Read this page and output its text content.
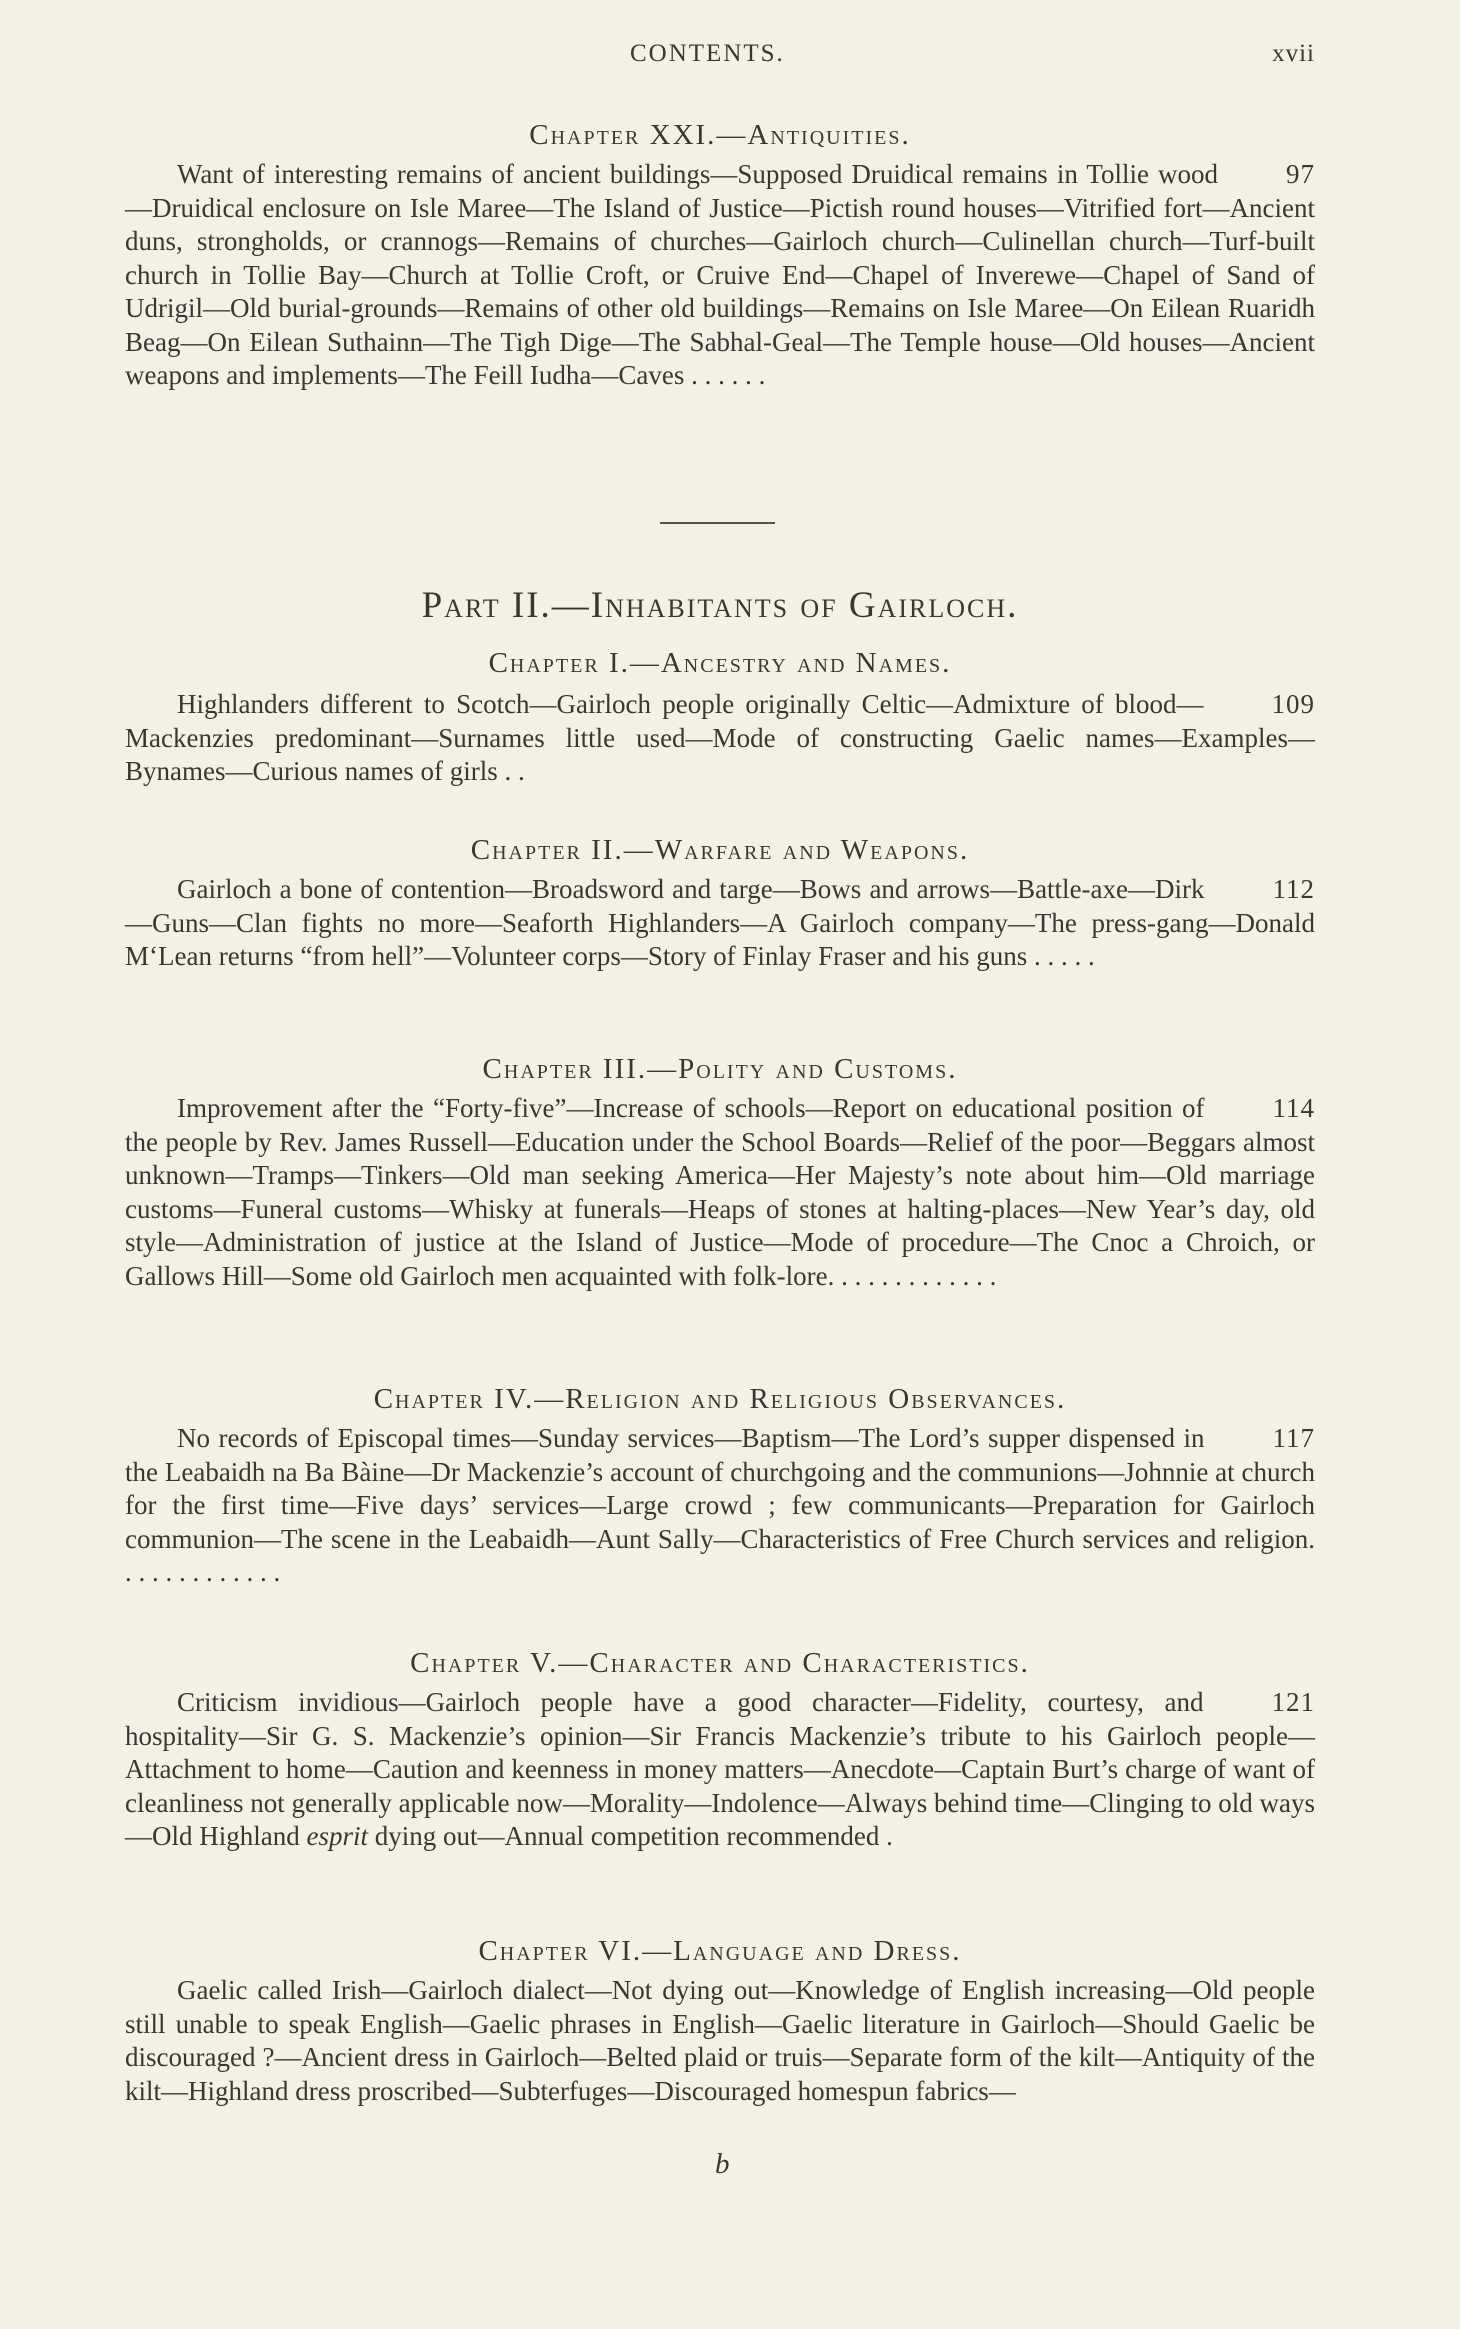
CONTENTS.	xvii

Chapter XXI.—Antiquities.

97
Want of interesting remains of ancient buildings—Supposed Druidical remains in Tollie wood—Druidical enclosure on Isle Maree—The Island of Justice—Pictish round houses—Vitrified fort—Ancient duns, strongholds, or crannogs—Remains of churches—Gairloch church—Culinellan church—Turf-built church in Tollie Bay—Church at Tollie Croft, or Cruive End—Chapel of Inverewe—Chapel of Sand of Udrigil—Old burial-grounds—Remains of other old buildings—Remains on Isle Maree—On Eilean Ruaridh Beag—On Eilean Suthainn—The Tigh Dige—The Sabhal-Geal—The Temple house—Old houses—Ancient weapons and implements—The Feill Iudha—Caves . . . . . .

Part II.—Inhabitants of Gairloch.

Chapter I.—Ancestry and Names.

109
Highlanders different to Scotch—Gairloch people originally Celtic—Admixture of blood—Mackenzies predominant—Surnames little used—Mode of constructing Gaelic names—Examples—Bynames—Curious names of girls . .

Chapter II.—Warfare and Weapons.

112
Gairloch a bone of contention—Broadsword and targe—Bows and arrows—Battle-axe—Dirk—Guns—Clan fights no more—Seaforth Highlanders—A Gairloch company—The press-gang—Donald M‘Lean returns “from hell”—Volunteer corps—Story of Finlay Fraser and his guns . . . . .

Chapter III.—Polity and Customs.

114
Improvement after the “Forty-five”—Increase of schools—Report on educational position of the people by Rev. James Russell—Education under the School Boards—Relief of the poor—Beggars almost unknown—Tramps—Tinkers—Old man seeking America—Her Majesty’s note about him—Old marriage customs—Funeral customs—Whisky at funerals—Heaps of stones at halting-places—New Year’s day, old style—Administration of justice at the Island of Justice—Mode of procedure—The Cnoc a Chroich, or Gallows Hill—Some old Gairloch men acquainted with folk-lore. . . . . . . . . . . . .

Chapter IV.—Religion and Religious Observances.

117
No records of Episcopal times—Sunday services—Baptism—The Lord’s supper dispensed in the Leabaidh na Ba Bàine—Dr Mackenzie’s account of churchgoing and the communions—Johnnie at church for the first time—Five days’ services—Large crowd ; few communicants—Preparation for Gairloch communion—The scene in the Leabaidh—Aunt Sally—Characteristics of Free Church services and religion. . . . . . . . . . . . .

Chapter V.—Character and Characteristics.

121
Criticism invidious—Gairloch people have a good character—Fidelity, courtesy, and hospitality—Sir G. S. Mackenzie’s opinion—Sir Francis Mackenzie’s tribute to his Gairloch people—Attachment to home—Caution and keenness in money matters—Anecdote—Captain Burt’s charge of want of cleanliness not generally applicable now—Morality—Indolence—Always behind time—Clinging to old ways—Old Highland esprit dying out—Annual competition recommended .

Chapter VI.—Language and Dress.

Gaelic called Irish—Gairloch dialect—Not dying out—Knowledge of English increasing—Old people still unable to speak English—Gaelic phrases in English—Gaelic literature in Gairloch—Should Gaelic be discouraged ?—Ancient dress in Gairloch—Belted plaid or truis—Separate form of the kilt—Antiquity of the kilt—Highland dress proscribed—Subterfuges—Discouraged homespun fabrics—

b
